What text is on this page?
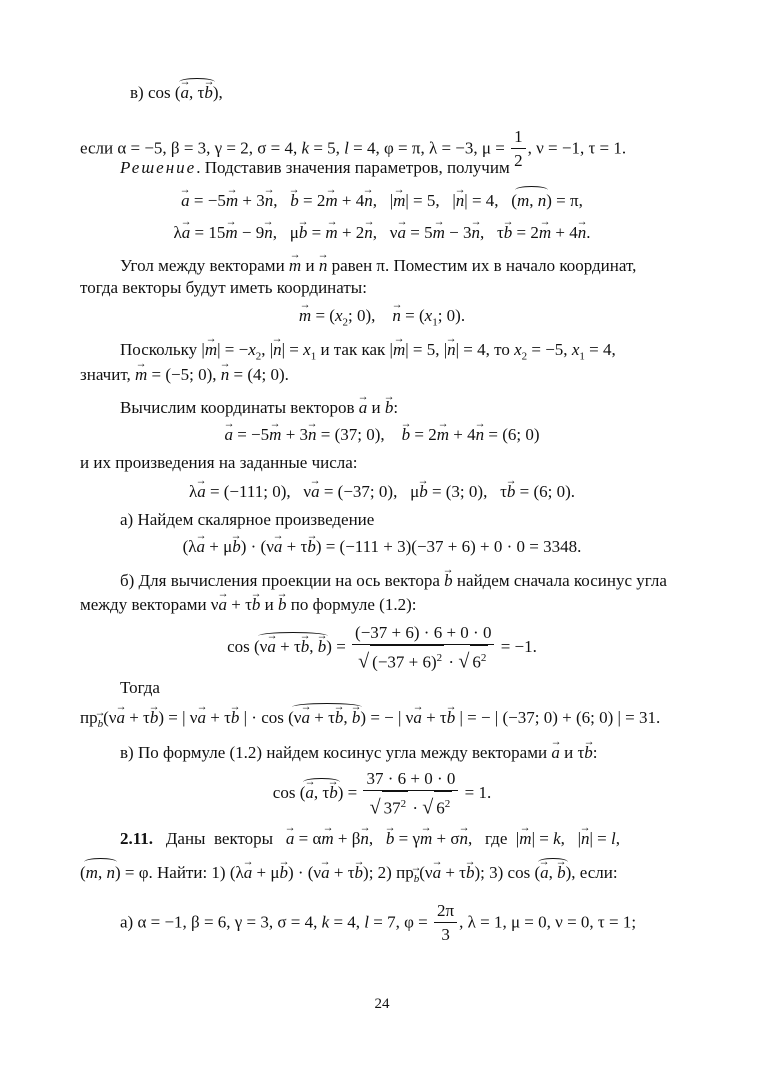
в) cos (→ a, τ→ b),
если α = −5, β = 3, γ = 2, σ = 4, k = 5, l = 4, φ = π, λ = −3, $\mu = \frac{1}{2}$ , ν = −1, τ = 1.
Решение. Подставив значения параметров, получим
→ a = −5→ m + 3→ n,   → b = 2→ m + 4→ n,   |→ m| = 5,   |→ n| = 4,   (m, n) = π,
λ→ a = 15→ m − 9→ n,   μ→ b = → m + 2→ n,   ν→ a = 5→ m − 3→ n,   τ→ b = 2→ m + 4→ n.
Угол между векторами → m и → n равен π. Поместим их в начало координат,
тогда векторы будут иметь координаты:
→ $m = (x_2$; 0),    → $n = (x_1$; 0).
Поскольку |→ $m| = -x_2$, |→ $n| = x_1$ и так как |→ m| = 5, |→ n| = 4, то $x_2 = -5$, $x_1 = 4$,
значит, → m = (−5; 0), → n = (4; 0).
Вычислим координаты векторов → a и → b:
→ a = −5→ m + 3→ n = (37; 0),    → b = 2→ m + 4→ n = (6; 0)
и их произведения на заданные числа:
λ→ a = (−111; 0),   ν→ a = (−37; 0),   μ→ b = (3; 0),   τ→ b = (6; 0).
а) Найдем скалярное произведение
(λ→ a + μ→ b) · (ν→ a + τ→ b) = (−111 + 3)(−37 + 6) + 0 · 0 = 3348.
б) Для вычисления проекции на ось вектора → b найдем сначала косинус угла
между векторами ν→ a + τ→ b и → b по формуле (1.2):
cos (ν→ a + τ→ b, → $b) = \frac{(-37 + 6) \cdot 6 + 0 \cdot 0}{√ (-37 + 6)^2 \cdot √ 6^2} = -1$.
Тогда
пр→ $_b$(ν→ a + τ→ b) = | ν→ a + τ→ b | · cos (ν→ a + τ→ b, → b) = − | ν→ a + τ→ b | = − | (−37; 0) + (6; 0) | = 31.
в) По формуле (1.2) найдем косинус угла между векторами → a и τ→ b:
cos (→ a, $\tau\to b) = \frac{37 \cdot 6 + 0 \cdot 0}{√ 37^2 \cdot √ 6^2} = 1$.
2.11.   Даны  векторы   → a = α→ m + β→ n,   → b = γ→ m + σ→ n,   где  |→ m| = k,   |→ n| = l,
(m, n) = φ. Найти: 1) (λ→ a + μ→ b) · (ν→ a + τ→ b); 2) пр→ $_b$(ν→ a + τ→ b); 3) cos (→ a, → b), если:
а) α = −1, β = 6, γ = 3, σ = 4, k = 4, l = 7, $\varphi = \frac{2\pi}{3}$ , λ = 1, μ = 0, ν = 0, τ = 1;
24
